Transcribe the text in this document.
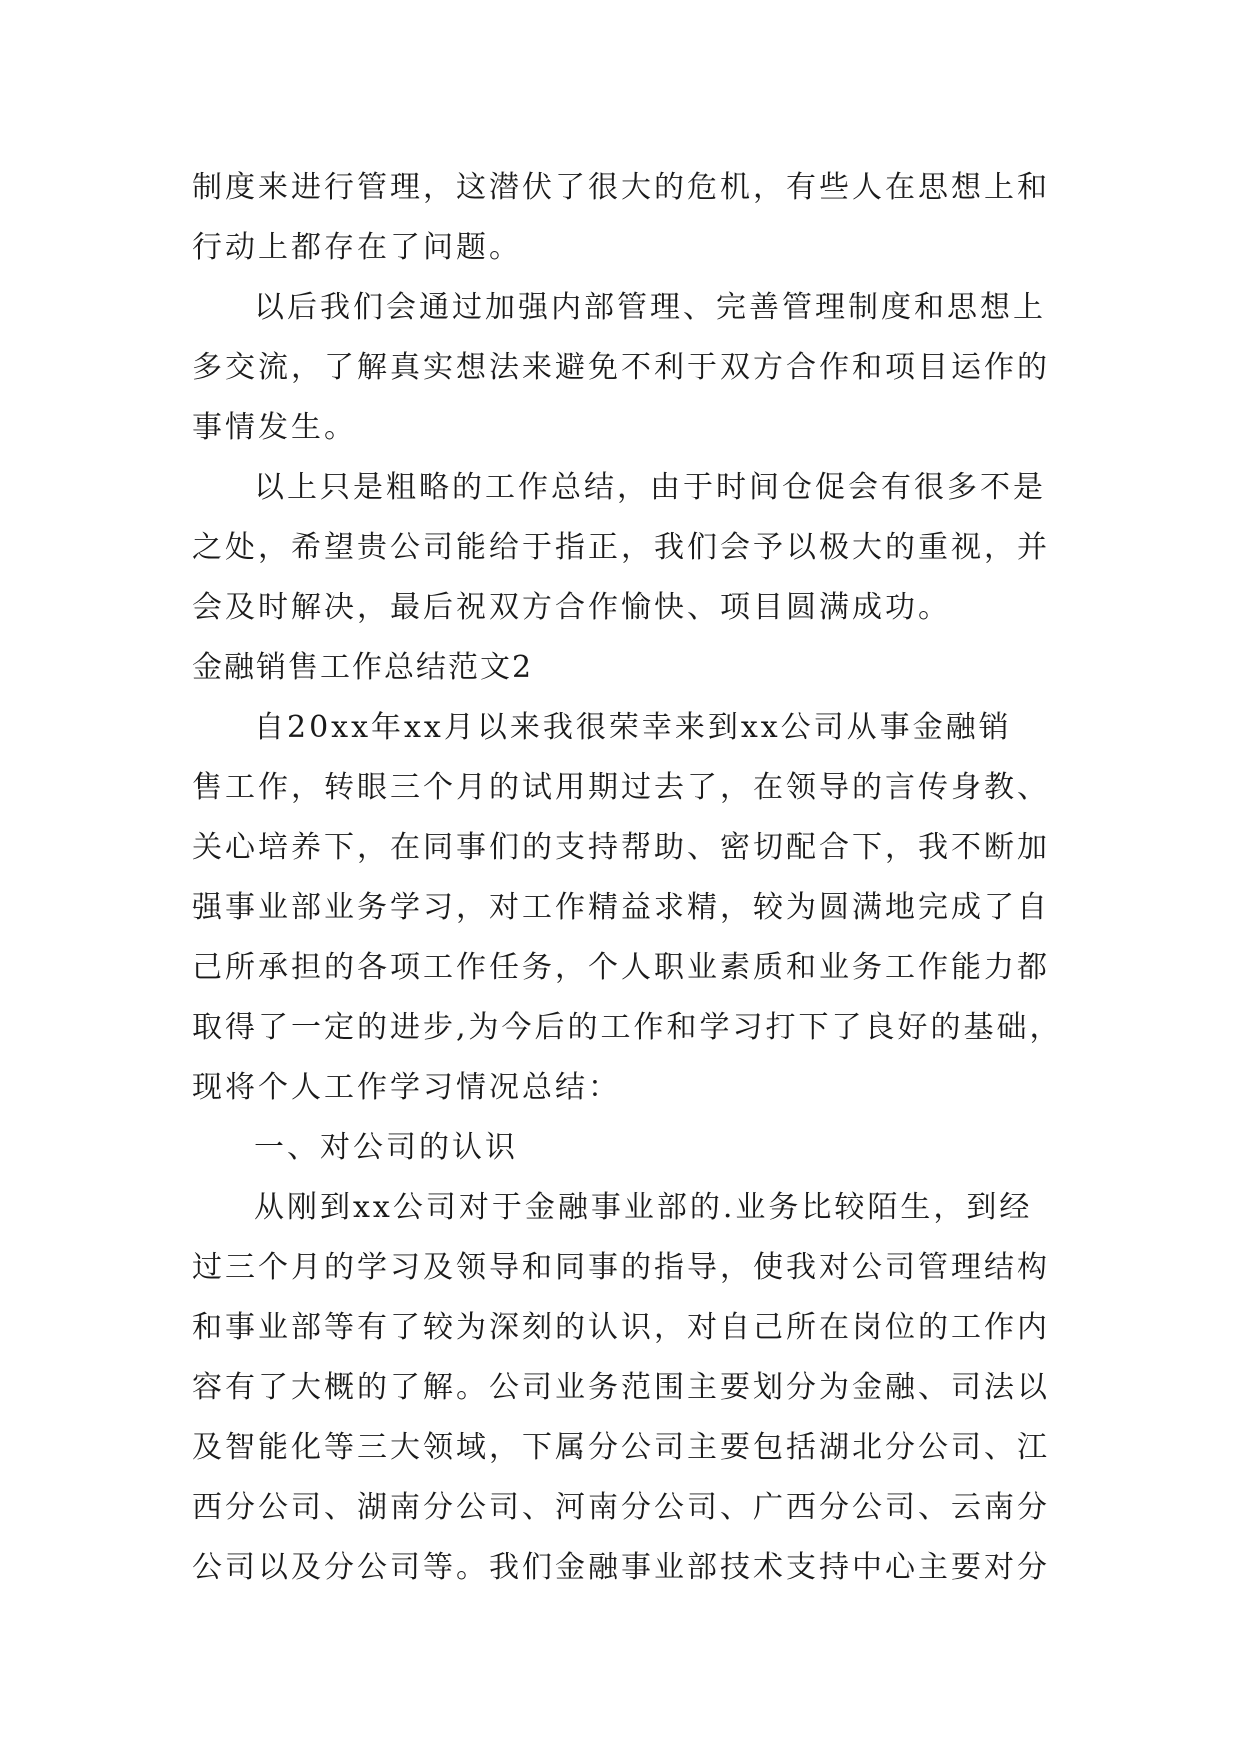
制度来进行管理，这潜伏了很大的危机，有些人在思想上和
行动上都存在了问题。
以后我们会通过加强内部管理、完善管理制度和思想上
多交流，了解真实想法来避免不利于双方合作和项目运作的
事情发生。
以上只是粗略的工作总结，由于时间仓促会有很多不是
之处，希望贵公司能给于指正，我们会予以极大的重视，并
会及时解决，最后祝双方合作愉快、项目圆满成功。
金融销售工作总结范文2
自20xx年xx月以来我很荣幸来到xx公司从事金融销
售工作，转眼三个月的试用期过去了，在领导的言传身教、
关心培养下，在同事们的支持帮助、密切配合下，我不断加
强事业部业务学习，对工作精益求精，较为圆满地完成了自
己所承担的各项工作任务，个人职业素质和业务工作能力都
取得了一定的进步,为今后的工作和学习打下了良好的基础，
现将个人工作学习情况总结：
一、对公司的认识
从刚到xx公司对于金融事业部的.业务比较陌生，到经
过三个月的学习及领导和同事的指导，使我对公司管理结构
和事业部等有了较为深刻的认识，对自己所在岗位的工作内
容有了大概的了解。公司业务范围主要划分为金融、司法以
及智能化等三大领域，下属分公司主要包括湖北分公司、江
西分公司、湖南分公司、河南分公司、广西分公司、云南分
公司以及分公司等。我们金融事业部技术支持中心主要对分
